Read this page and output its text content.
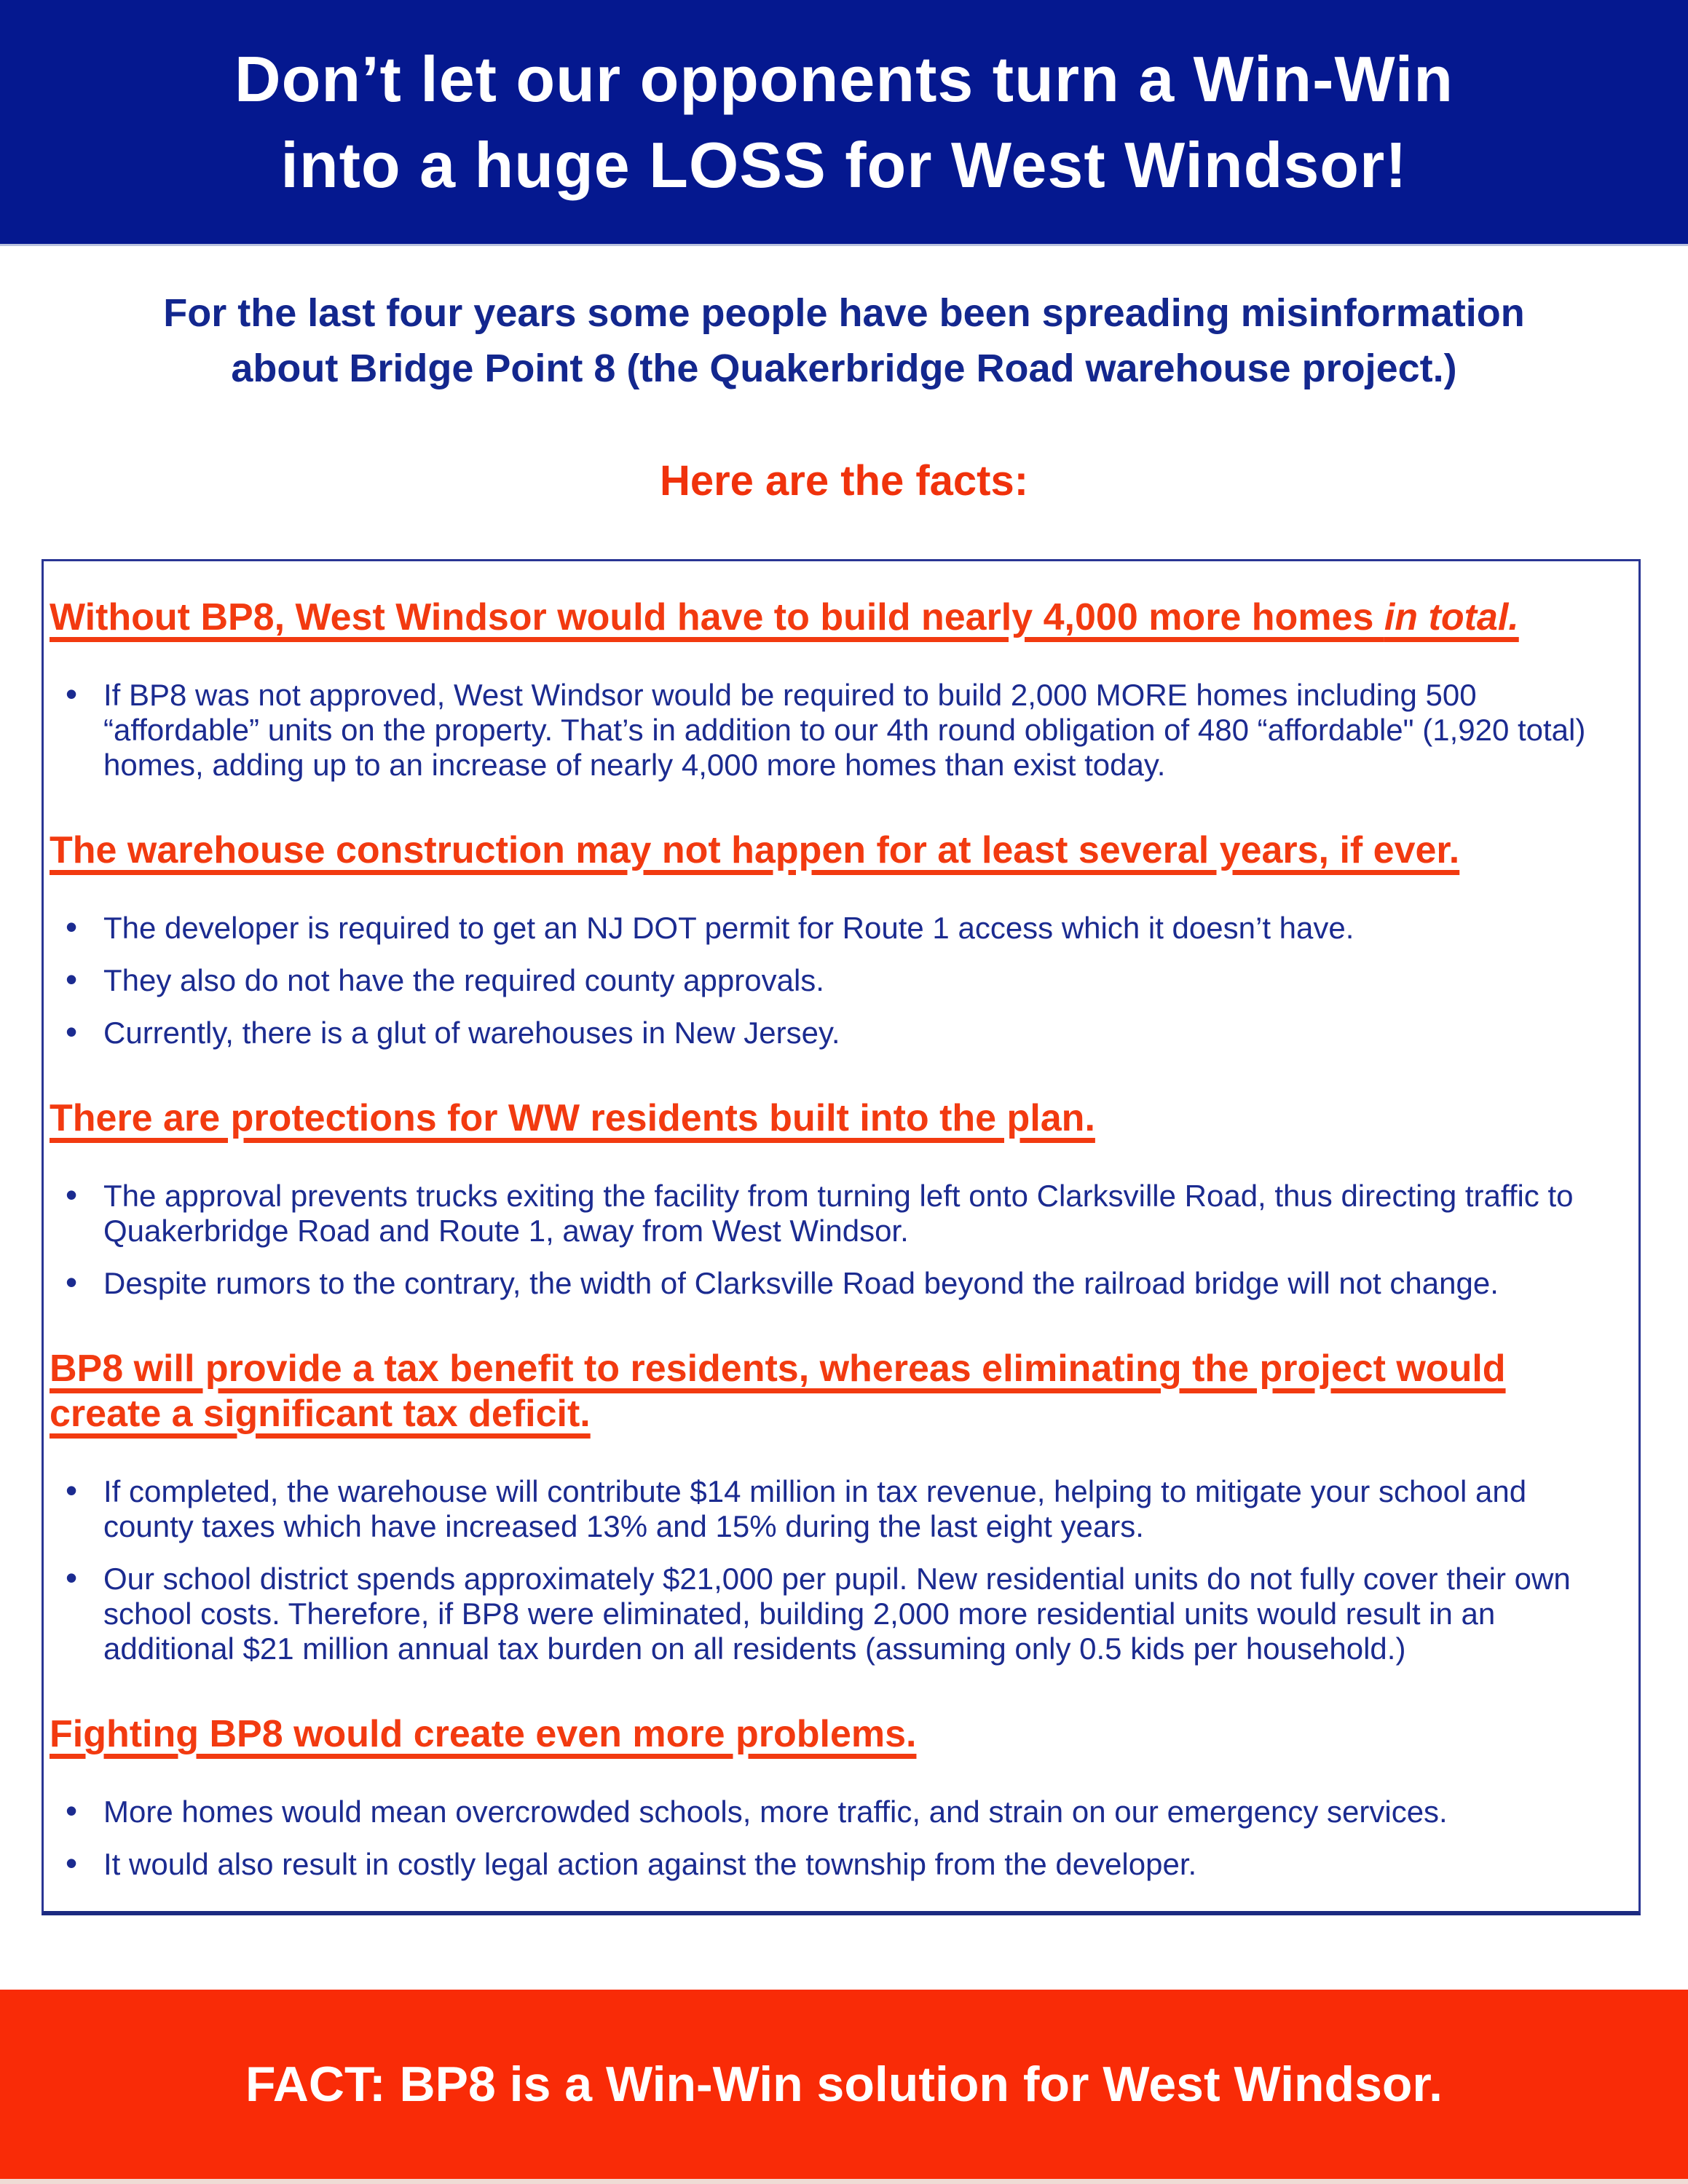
Don’t let our opponents turn a Win-Win
into a huge LOSS for West Windsor!
For the last four years some people have been spreading misinformation
about Bridge Point 8 (the Quakerbridge Road warehouse project.)
Here are the facts:
Without BP8, West Windsor would have to build nearly 4,000 more homes in total.
• If BP8 was not approved, West Windsor would be required to build 2,000 MORE homes including 500 “affordable” units on the property. That’s in addition to our 4th round obligation of 480 “affordable" (1,920 total) homes, adding up to an increase of nearly 4,000 more homes than exist today.
The warehouse construction may not happen for at least several years, if ever.
• The developer is required to get an NJ DOT permit for Route 1 access which it doesn’t have.
• They also do not have the required county approvals.
• Currently, there is a glut of warehouses in New Jersey.
There are protections for WW residents built into the plan.
• The approval prevents trucks exiting the facility from turning left onto Clarksville Road, thus directing traffic to Quakerbridge Road and Route 1, away from West Windsor.
• Despite rumors to the contrary, the width of Clarksville Road beyond the railroad bridge will not change.
BP8 will provide a tax benefit to residents, whereas eliminating the project would create a significant tax deficit.
• If completed, the warehouse will contribute $14 million in tax revenue, helping to mitigate your school and county taxes which have increased 13% and 15% during the last eight years.
• Our school district spends approximately $21,000 per pupil. New residential units do not fully cover their own school costs. Therefore, if BP8 were eliminated, building 2,000 more residential units would result in an additional $21 million annual tax burden on all residents (assuming only 0.5 kids per household.)
Fighting BP8 would create even more problems.
• More homes would mean overcrowded schools, more traffic, and strain on our emergency services.
• It would also result in costly legal action against the township from the developer.
FACT: BP8 is a Win-Win solution for West Windsor.
